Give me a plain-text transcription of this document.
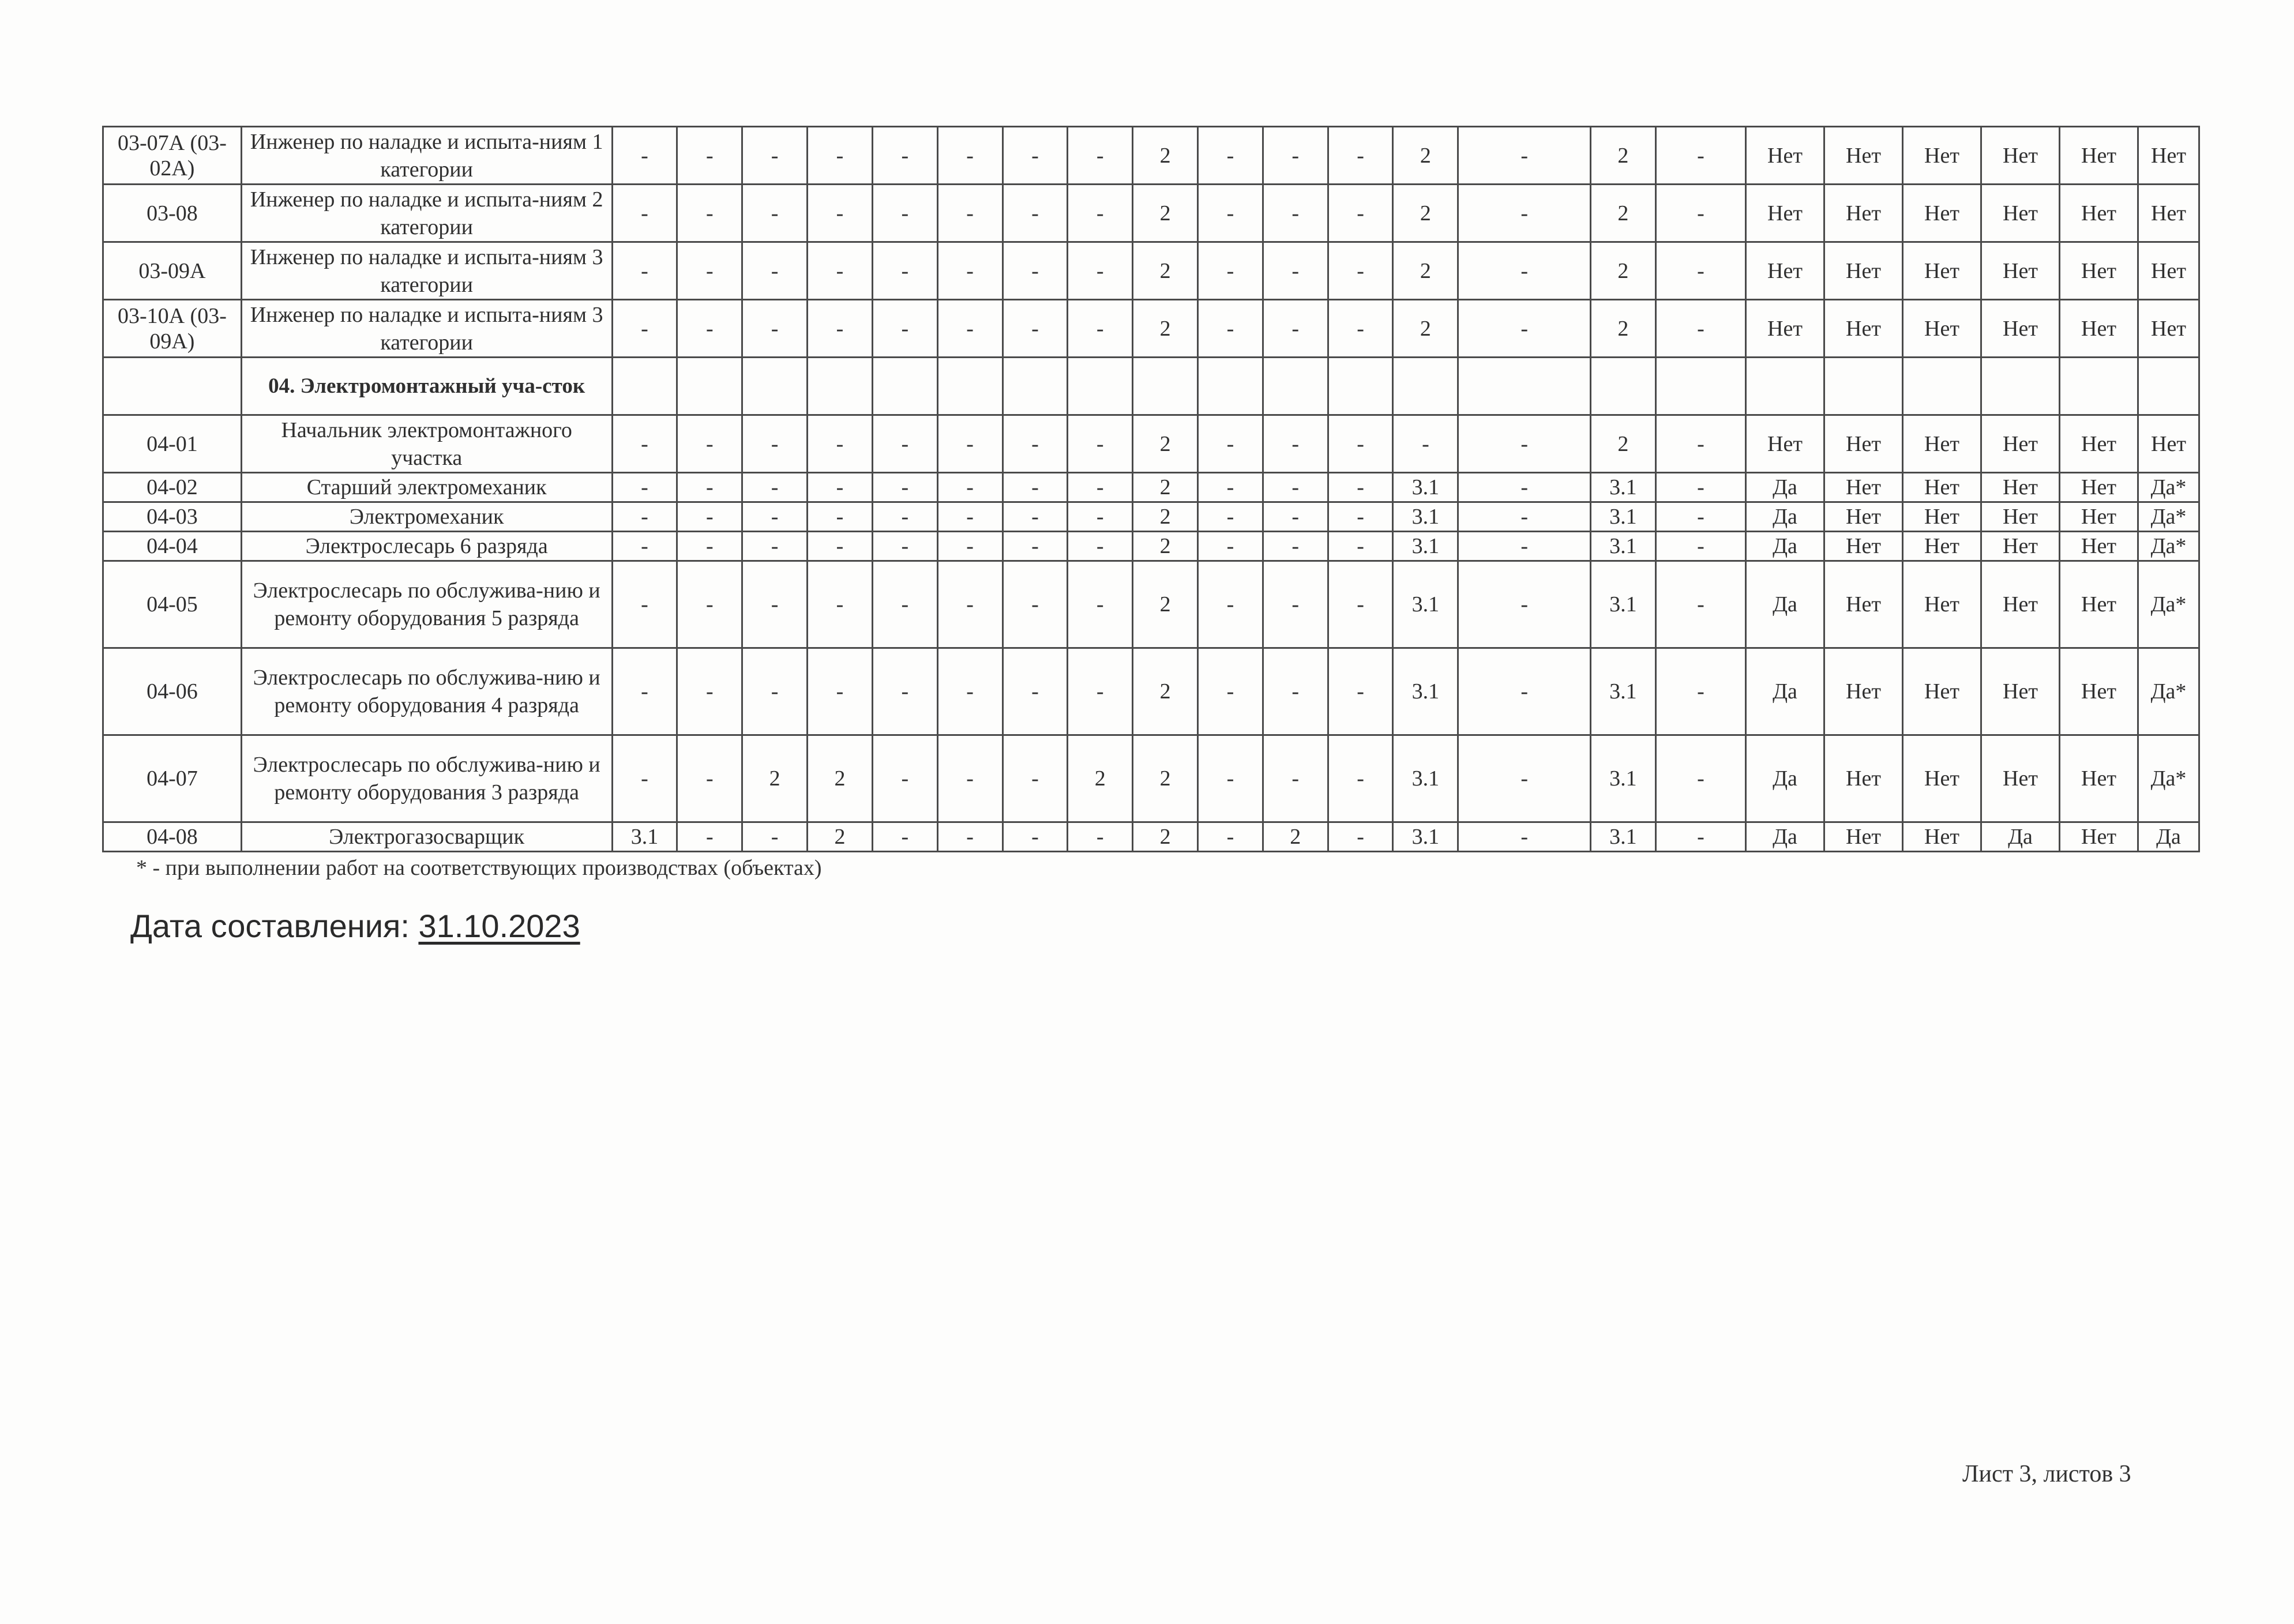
03-07А (03-02А)	Инженер по наладке и испыта-ниям 1 категории	-	-	-	-	-	-	-	-	2	-	-	-	2	-	2	-	Нет	Нет	Нет	Нет	Нет	Нет
03-08	Инженер по наладке и испыта-ниям 2 категории	-	-	-	-	-	-	-	-	2	-	-	-	2	-	2	-	Нет	Нет	Нет	Нет	Нет	Нет
03-09А	Инженер по наладке и испыта-ниям 3 категории	-	-	-	-	-	-	-	-	2	-	-	-	2	-	2	-	Нет	Нет	Нет	Нет	Нет	Нет
03-10А (03-09А)	Инженер по наладке и испыта-ниям 3 категории	-	-	-	-	-	-	-	-	2	-	-	-	2	-	2	-	Нет	Нет	Нет	Нет	Нет	Нет
	04. Электромонтажный уча-сток																						
04-01	Начальник электромонтажного участка	-	-	-	-	-	-	-	-	2	-	-	-	-	-	2	-	Нет	Нет	Нет	Нет	Нет	Нет
04-02	Старший электромеханик	-	-	-	-	-	-	-	-	2	-	-	-	3.1	-	3.1	-	Да	Нет	Нет	Нет	Нет	Да*
04-03	Электромеханик	-	-	-	-	-	-	-	-	2	-	-	-	3.1	-	3.1	-	Да	Нет	Нет	Нет	Нет	Да*
04-04	Электрослесарь 6 разряда	-	-	-	-	-	-	-	-	2	-	-	-	3.1	-	3.1	-	Да	Нет	Нет	Нет	Нет	Да*
04-05	Электрослесарь по обслужива-нию и ремонту оборудования 5 разряда	-	-	-	-	-	-	-	-	2	-	-	-	3.1	-	3.1	-	Да	Нет	Нет	Нет	Нет	Да*
04-06	Электрослесарь по обслужива-нию и ремонту оборудования 4 разряда	-	-	-	-	-	-	-	-	2	-	-	-	3.1	-	3.1	-	Да	Нет	Нет	Нет	Нет	Да*
04-07	Электрослесарь по обслужива-нию и ремонту оборудования 3 разряда	-	-	2	2	-	-	-	2	2	-	-	-	3.1	-	3.1	-	Да	Нет	Нет	Нет	Нет	Да*
04-08	Электрогазосварщик	3.1	-	-	2	-	-	-	-	2	-	2	-	3.1	-	3.1	-	Да	Нет	Нет	Да	Нет	Да
* - при выполнении работ на соответствующих производствах (объектах)
Дата составления: 31.10.2023
Лист 3, листов 3
